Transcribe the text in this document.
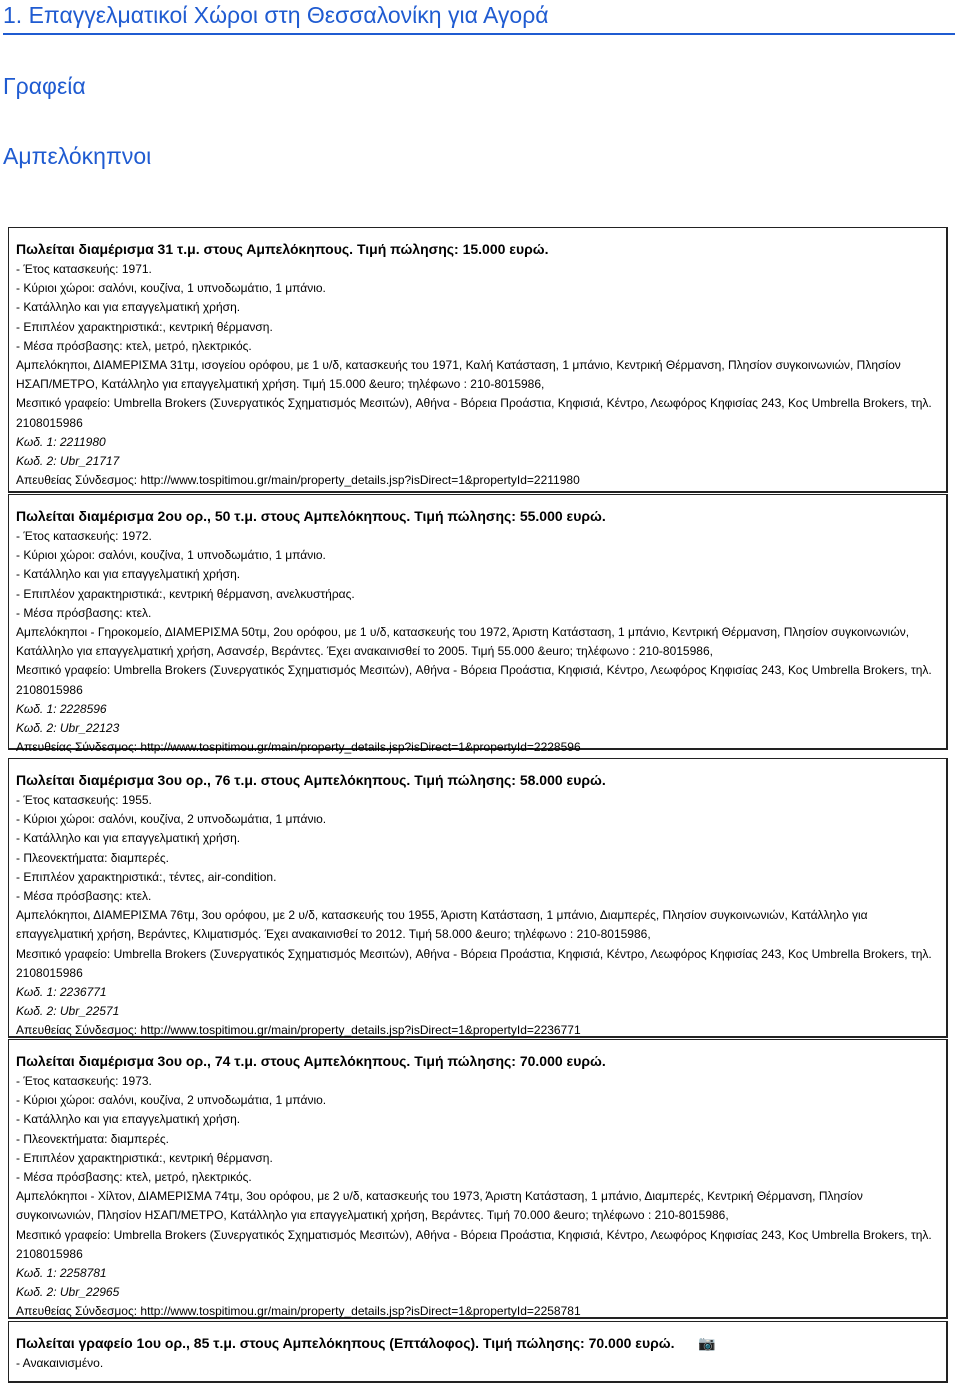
1. Επαγγελματικοί Χώροι στη Θεσσαλονίκη για Αγορά
Γραφεία
Αμπελόκηπνοι
Πωλείται διαμέρισμα 31 τ.μ. στους Αμπελόκηπους. Τιμή πώλησης: 15.000 ευρώ.
- Έτος κατασκευής: 1971.
- Κύριοι χώροι: σαλόνι, κουζίνα, 1 υπνοδωμάτιο, 1 μπάνιο.
- Κατάλληλο και για επαγγελματική χρήση.
- Επιπλέον χαρακτηριστικά:, κεντρική θέρμανση.
- Μέσα πρόσβασης: κτελ, μετρό, ηλεκτρικός.
Αμπελόκηποι, ΔΙΑΜΕΡΙΣΜΑ 31τμ, ισογείου ορόφου, με 1 υ/δ, κατασκευής του 1971, Καλή Κατάσταση, 1 μπάνιο, Κεντρική Θέρμανση, Πλησίον συγκοινωνιών, Πλησίον ΗΣΑΠ/ΜΕΤΡΟ, Κατάλληλο για επαγγελματική χρήση. Τιμή 15.000 &euro; τηλέφωνο : 210-8015986,
Μεσιτικό γραφείο: Umbrella Brokers (Συνεργατικός Σχηματισμός Μεσιτών), Αθήνα - Βόρεια Προάστια, Κηφισιά, Κέντρο, Λεωφόρος Κηφισίας 243, Κος Umbrella Brokers, τηλ. 2108015986
Κωδ. 1: 2211980
Κωδ. 2: Ubr_21717
Απευθείας Σύνδεσμος: http://www.tospitimou.gr/main/property_details.jsp?isDirect=1&propertyId=2211980
Πωλείται διαμέρισμα 2ου ορ., 50 τ.μ. στους Αμπελόκηπους. Τιμή πώλησης: 55.000 ευρώ.
- Έτος κατασκευής: 1972.
- Κύριοι χώροι: σαλόνι, κουζίνα, 1 υπνοδωμάτιο, 1 μπάνιο.
- Κατάλληλο και για επαγγελματική χρήση.
- Επιπλέον χαρακτηριστικά:, κεντρική θέρμανση, ανελκυστήρας.
- Μέσα πρόσβασης: κτελ.
Αμπελόκηποι - Γηροκομείο, ΔΙΑΜΕΡΙΣΜΑ 50τμ, 2ου ορόφου, με 1 υ/δ, κατασκευής του 1972, Άριστη Κατάσταση, 1 μπάνιο, Κεντρική Θέρμανση, Πλησίον συγκοινωνιών, Κατάλληλο για επαγγελματική χρήση, Ασανσέρ, Βεράντες. Έχει ανακαινισθεί το 2005. Τιμή 55.000 &euro; τηλέφωνο : 210-8015986,
Μεσιτικό γραφείο: Umbrella Brokers (Συνεργατικός Σχηματισμός Μεσιτών), Αθήνα - Βόρεια Προάστια, Κηφισιά, Κέντρο, Λεωφόρος Κηφισίας 243, Κος Umbrella Brokers, τηλ. 2108015986
Κωδ. 1: 2228596
Κωδ. 2: Ubr_22123
Απευθείας Σύνδεσμος: http://www.tospitimou.gr/main/property_details.jsp?isDirect=1&propertyId=2228596
Πωλείται διαμέρισμα 3ου ορ., 76 τ.μ. στους Αμπελόκηπους. Τιμή πώλησης: 58.000 ευρώ.
- Έτος κατασκευής: 1955.
- Κύριοι χώροι: σαλόνι, κουζίνα, 2 υπνοδωμάτια, 1 μπάνιο.
- Κατάλληλο και για επαγγελματική χρήση.
- Πλεονεκτήματα: διαμπερές.
- Επιπλέον χαρακτηριστικά:, τέντες, air-condition.
- Μέσα πρόσβασης: κτελ.
Αμπελόκηποι, ΔΙΑΜΕΡΙΣΜΑ 76τμ, 3ου ορόφου, με 2 υ/δ, κατασκευής του 1955, Άριστη Κατάσταση, 1 μπάνιο, Διαμπερές, Πλησίον συγκοινωνιών, Κατάλληλο για επαγγελματική χρήση, Βεράντες, Κλιματισμός. Έχει ανακαινισθεί το 2012. Τιμή 58.000 &euro; τηλέφωνο : 210-8015986,
Μεσιτικό γραφείο: Umbrella Brokers (Συνεργατικός Σχηματισμός Μεσιτών), Αθήνα - Βόρεια Προάστια, Κηφισιά, Κέντρο, Λεωφόρος Κηφισίας 243, Κος Umbrella Brokers, τηλ. 2108015986
Κωδ. 1: 2236771
Κωδ. 2: Ubr_22571
Απευθείας Σύνδεσμος: http://www.tospitimou.gr/main/property_details.jsp?isDirect=1&propertyId=2236771
Πωλείται διαμέρισμα 3ου ορ., 74 τ.μ. στους Αμπελόκηπους. Τιμή πώλησης: 70.000 ευρώ.
- Έτος κατασκευής: 1973.
- Κύριοι χώροι: σαλόνι, κουζίνα, 2 υπνοδωμάτια, 1 μπάνιο.
- Κατάλληλο και για επαγγελματική χρήση.
- Πλεονεκτήματα: διαμπερές.
- Επιπλέον χαρακτηριστικά:, κεντρική θέρμανση.
- Μέσα πρόσβασης: κτελ, μετρό, ηλεκτρικός.
Αμπελόκηποι - Χίλτον, ΔΙΑΜΕΡΙΣΜΑ 74τμ, 3ου ορόφου, με 2 υ/δ, κατασκευής του 1973, Άριστη Κατάσταση, 1 μπάνιο, Διαμπερές, Κεντρική Θέρμανση, Πλησίον συγκοινωνιών, Πλησίον ΗΣΑΠ/ΜΕΤΡΟ, Κατάλληλο για επαγγελματική χρήση, Βεράντες. Τιμή 70.000 &euro; τηλέφωνο : 210-8015986,
Μεσιτικό γραφείο: Umbrella Brokers (Συνεργατικός Σχηματισμός Μεσιτών), Αθήνα - Βόρεια Προάστια, Κηφισιά, Κέντρο, Λεωφόρος Κηφισίας 243, Κος Umbrella Brokers, τηλ. 2108015986
Κωδ. 1: 2258781
Κωδ. 2: Ubr_22965
Απευθείας Σύνδεσμος: http://www.tospitimou.gr/main/property_details.jsp?isDirect=1&propertyId=2258781
Πωλείται γραφείο 1ου ορ., 85 τ.μ. στους Αμπελόκηπους (Επτάλοφος). Τιμή πώλησης: 70.000 ευρώ. 📷
- Ανακαινισμένο.
